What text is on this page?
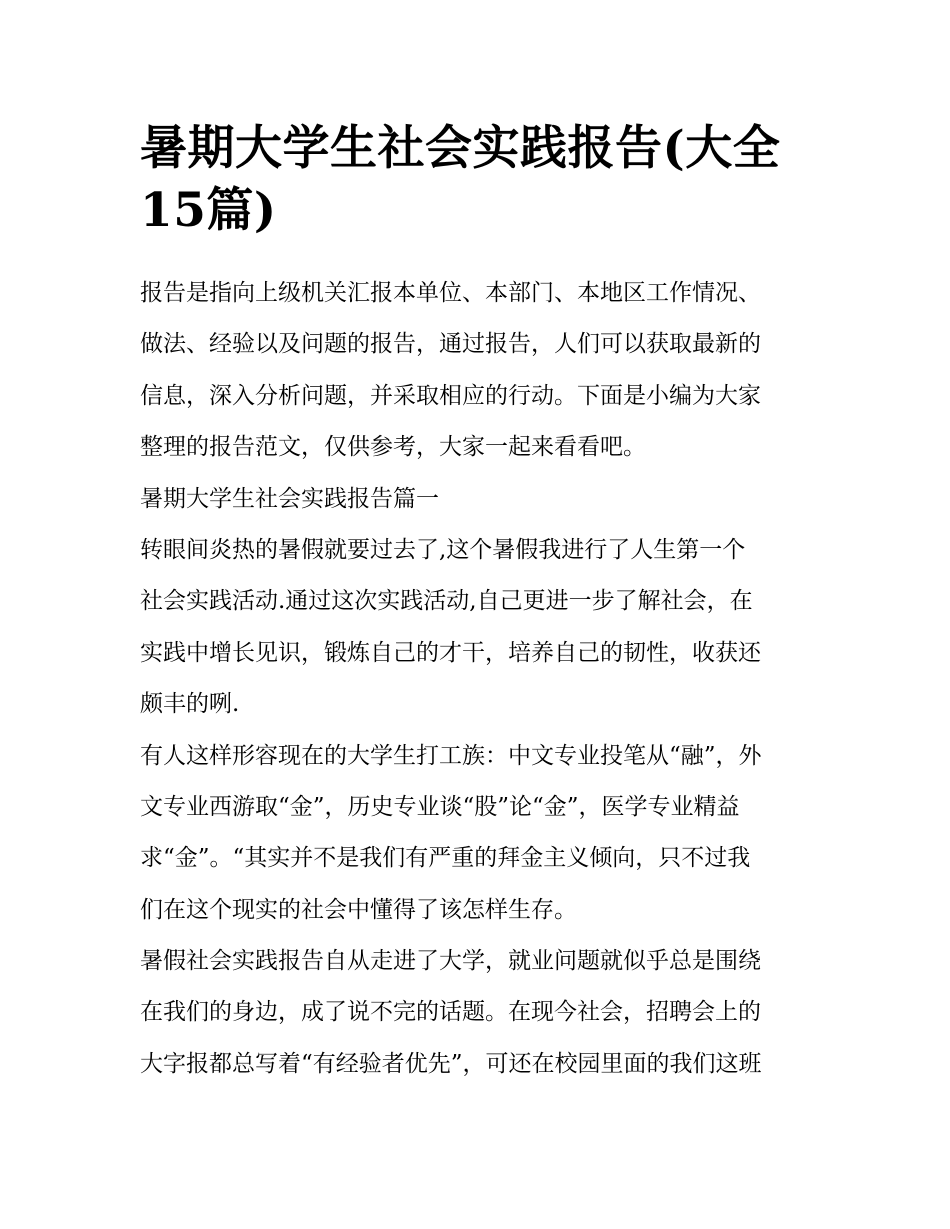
暑期大学生社会实践报告(大全
15篇)
报告是指向上级机关汇报本单位、本部门、本地区工作情况、
做法、经验以及问题的报告，通过报告，人们可以获取最新的
信息，深入分析问题，并采取相应的行动。下面是小编为大家
整理的报告范文，仅供参考，大家一起来看看吧。
暑期大学生社会实践报告篇一
转眼间炎热的暑假就要过去了,这个暑假我进行了人生第一个
社会实践活动.通过这次实践活动,自己更进一步了解社会，在
实践中增长见识，锻炼自己的才干，培养自己的韧性，收获还
颇丰的咧.
有人这样形容现在的大学生打工族：中文专业投笔从“融”，外
文专业西游取“金”，历史专业谈“股”论“金”，医学专业精益
求“金”。“其实并不是我们有严重的拜金主义倾向，只不过我
们在这个现实的社会中懂得了该怎样生存。
暑假社会实践报告自从走进了大学，就业问题就似乎总是围绕
在我们的身边，成了说不完的话题。在现今社会，招聘会上的
大字报都总写着“有经验者优先”，可还在校园里面的我们这班
